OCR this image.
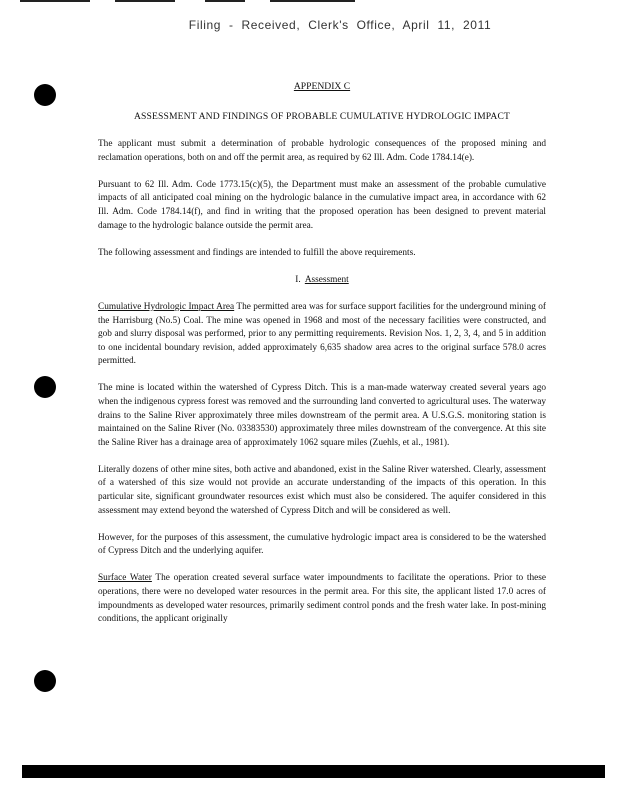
Filing - Received, Clerk's Office, April 11, 2011
APPENDIX C
ASSESSMENT AND FINDINGS OF PROBABLE CUMULATIVE HYDROLOGIC IMPACT

The applicant must submit a determination of probable hydrologic consequences of the proposed mining and reclamation operations, both on and off the permit area, as required by 62 Ill. Adm. Code 1784.14(e).

Pursuant to 62 Ill. Adm. Code 1773.15(c)(5), the Department must make an assessment of the probable cumulative impacts of all anticipated coal mining on the hydrologic balance in the cumulative impact area, in accordance with 62 Ill. Adm. Code 1784.14(f), and find in writing that the proposed operation has been designed to prevent material damage to the hydrologic balance outside the permit area.

The following assessment and findings are intended to fulfill the above requirements.

I. Assessment

Cumulative Hydrologic Impact Area The permitted area was for surface support facilities for the underground mining of the Harrisburg (No.5) Coal. The mine was opened in 1968 and most of the necessary facilities were constructed, and gob and slurry disposal was performed, prior to any permitting requirements. Revision Nos. 1, 2, 3, 4, and 5 in addition to one incidental boundary revision, added approximately 6,635 shadow area acres to the original surface 578.0 acres permitted.

The mine is located within the watershed of Cypress Ditch. This is a man-made waterway created several years ago when the indigenous cypress forest was removed and the surrounding land converted to agricultural uses. The waterway drains to the Saline River approximately three miles downstream of the permit area. A U.S.G.S. monitoring station is maintained on the Saline River (No. 03383530) approximately three miles downstream of the convergence. At this site the Saline River has a drainage area of approximately 1062 square miles (Zuehls, et al., 1981).

Literally dozens of other mine sites, both active and abandoned, exist in the Saline River watershed. Clearly, assessment of a watershed of this size would not provide an accurate understanding of the impacts of this operation. In this particular site, significant groundwater resources exist which must also be considered. The aquifer considered in this assessment may extend beyond the watershed of Cypress Ditch and will be considered as well.

However, for the purposes of this assessment, the cumulative hydrologic impact area is considered to be the watershed of Cypress Ditch and the underlying aquifer.

Surface Water The operation created several surface water impoundments to facilitate the operations. Prior to these operations, there were no developed water resources in the permit area. For this site, the applicant listed 17.0 acres of impoundments as developed water resources, primarily sediment control ponds and the fresh water lake. In post-mining conditions, the applicant originally
